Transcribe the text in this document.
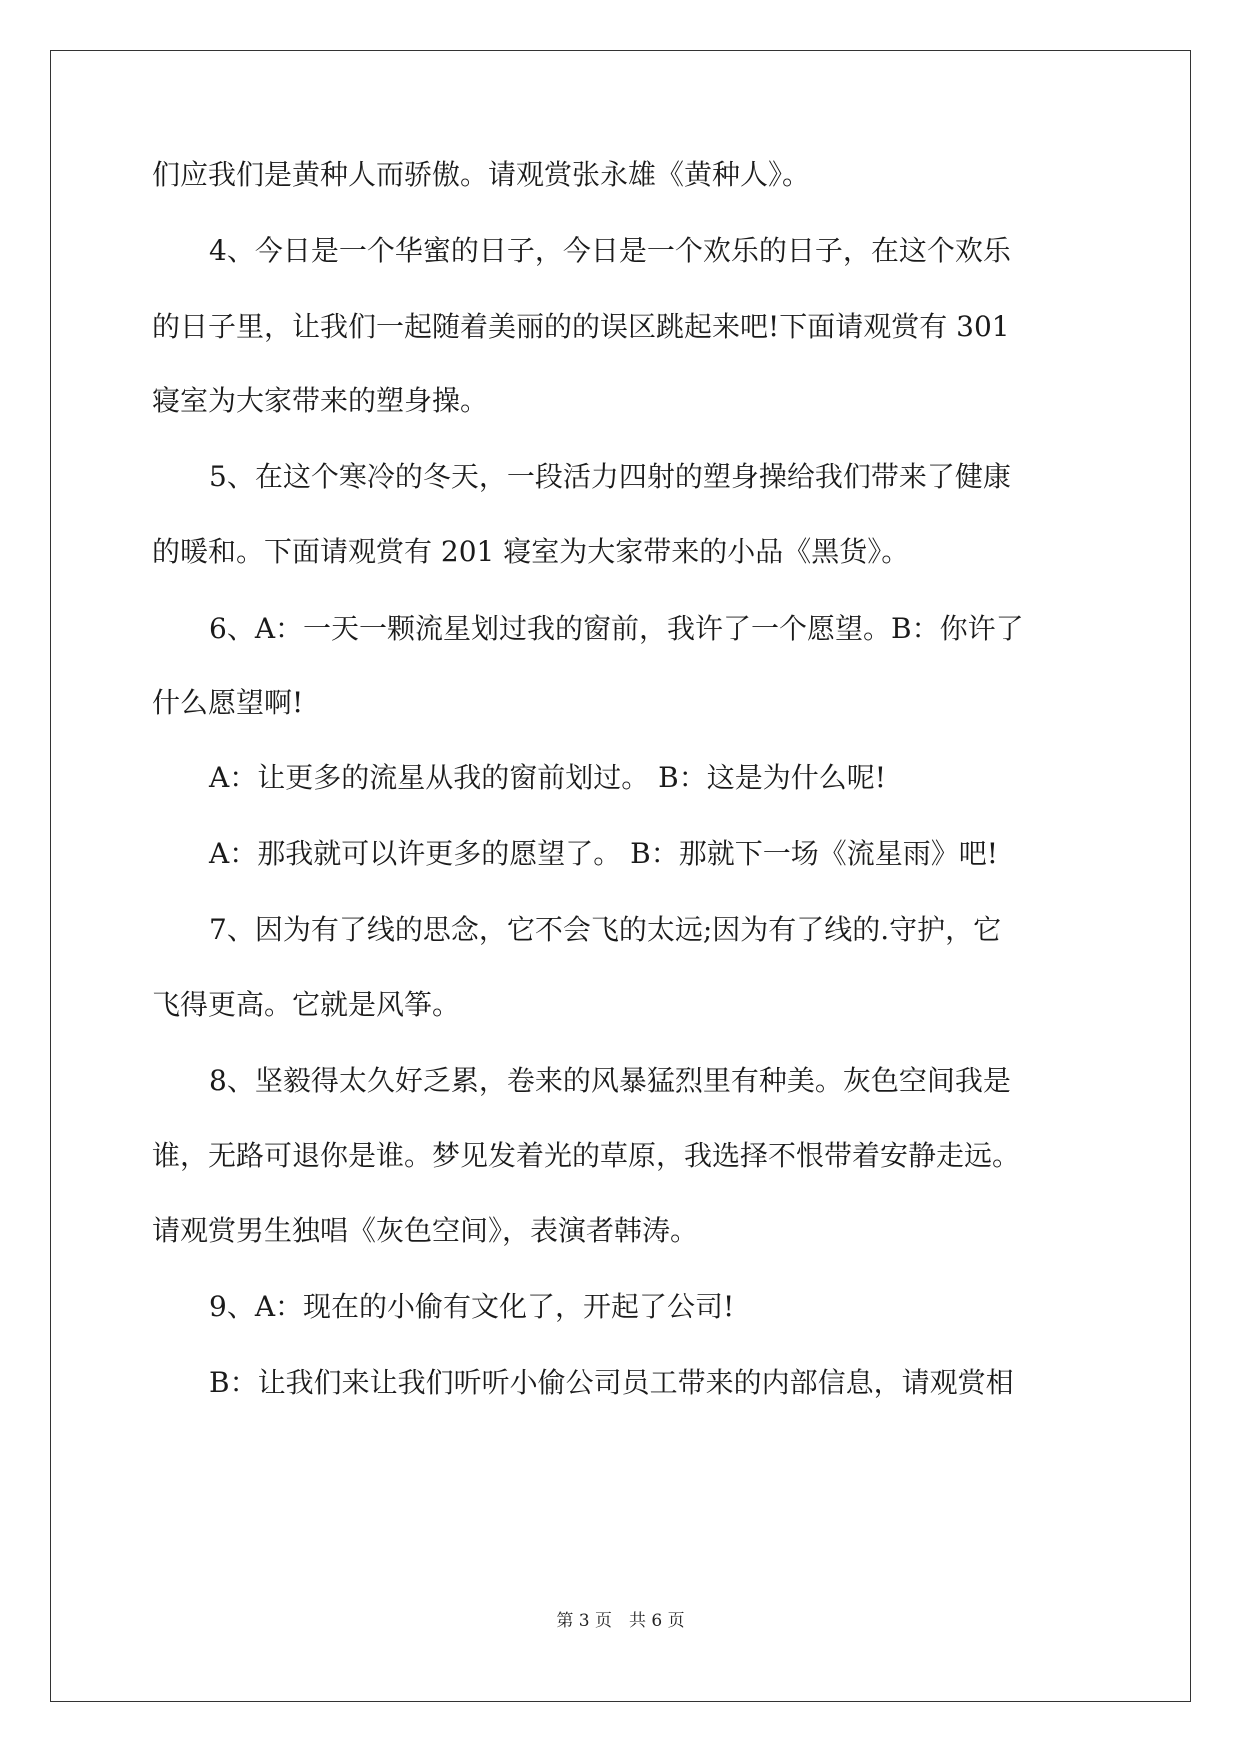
们应我们是黄种人而骄傲。请观赏张永雄《黄种人》。
4、今日是一个华蜜的日子，今日是一个欢乐的日子，在这个欢乐
的日子里，让我们一起随着美丽的的误区跳起来吧!下面请观赏有 301
寝室为大家带来的塑身操。
5、在这个寒冷的冬天，一段活力四射的塑身操给我们带来了健康
的暖和。下面请观赏有 201 寝室为大家带来的小品《黑货》。
6、A：一天一颗流星划过我的窗前，我许了一个愿望。B：你许了
什么愿望啊!
A：让更多的流星从我的窗前划过。 B：这是为什么呢!
A：那我就可以许更多的愿望了。 B：那就下一场《流星雨》吧!
7、因为有了线的思念，它不会飞的太远;因为有了线的.守护，它
飞得更高。它就是风筝。
8、坚毅得太久好乏累，卷来的风暴猛烈里有种美。灰色空间我是
谁，无路可退你是谁。梦见发着光的草原，我选择不恨带着安静走远。
请观赏男生独唱《灰色空间》，表演者韩涛。
9、A：现在的小偷有文化了，开起了公司!
B：让我们来让我们听听小偷公司员工带来的内部信息，请观赏相
第 3 页　共 6 页
